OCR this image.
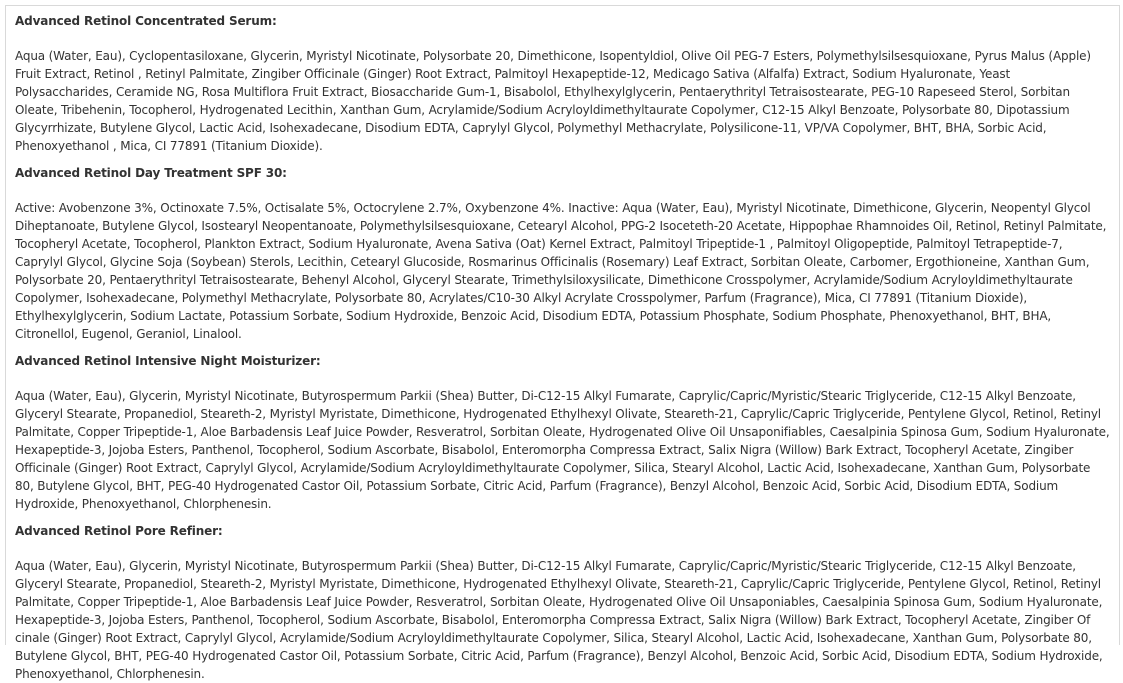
Advanced Retinol Concentrated Serum:

Aqua (Water, Eau), Cyclopentasiloxane, Glycerin, Myristyl Nicotinate, Polysorbate 20, Dimethicone, Isopentyldiol, Olive Oil PEG-7 Esters, Polymethylsilsesquioxane, Pyrus Malus (Apple) Fruit Extract, Retinol , Retinyl Palmitate, Zingiber Officinale (Ginger) Root Extract, Palmitoyl Hexapeptide-12, Medicago Sativa (Alfalfa) Extract, Sodium Hyaluronate, Yeast Polysaccharides, Ceramide NG, Rosa Multiflora Fruit Extract, Biosaccharide Gum-1, Bisabolol, Ethylhexylglycerin, Pentaerythrityl Tetraisostearate, PEG-10 Rapeseed Sterol, Sorbitan Oleate, Tribehenin, Tocopherol, Hydrogenated Lecithin, Xanthan Gum, Acrylamide/Sodium Acryloyldimethyltaurate Copolymer, C12-15 Alkyl Benzoate, Polysorbate 80, Dipotassium Glycyrrhizate, Butylene Glycol, Lactic Acid, Isohexadecane, Disodium EDTA, Caprylyl Glycol, Polymethyl Methacrylate, Polysilicone-11, VP/VA Copolymer, BHT, BHA, Sorbic Acid, Phenoxyethanol , Mica, CI 77891 (Titanium Dioxide).

Advanced Retinol Day Treatment SPF 30:

Active: Avobenzone 3%, Octinoxate 7.5%, Octisalate 5%, Octocrylene 2.7%, Oxybenzone 4%. Inactive: Aqua (Water, Eau), Myristyl Nicotinate, Dimethicone, Glycerin, Neopentyl Glycol Diheptanoate, Butylene Glycol, Isostearyl Neopentanoate, Polymethylsilsesquioxane, Cetearyl Alcohol, PPG-2 Isoceteth-20 Acetate, Hippophae Rhamnoides Oil, Retinol, Retinyl Palmitate, Tocopheryl Acetate, Tocopherol, Plankton Extract, Sodium Hyaluronate, Avena Sativa (Oat) Kernel Extract, Palmitoyl Tripeptide-1 , Palmitoyl Oligopeptide, Palmitoyl Tetrapeptide-7, Caprylyl Glycol, Glycine Soja (Soybean) Sterols, Lecithin, Cetearyl Glucoside, Rosmarinus Officinalis (Rosemary) Leaf Extract, Sorbitan Oleate, Carbomer, Ergothioneine, Xanthan Gum, Polysorbate 20, Pentaerythrityl Tetraisostearate, Behenyl Alcohol, Glyceryl Stearate, Trimethylsiloxysilicate, Dimethicone Crosspolymer, Acrylamide/Sodium Acryloyldimethyltaurate Copolymer, Isohexadecane, Polymethyl Methacrylate, Polysorbate 80, Acrylates/C10-30 Alkyl Acrylate Crosspolymer, Parfum (Fragrance), Mica, CI 77891 (Titanium Dioxide), Ethylhexylglycerin, Sodium Lactate, Potassium Sorbate, Sodium Hydroxide, Benzoic Acid, Disodium EDTA, Potassium Phosphate, Sodium Phosphate, Phenoxyethanol, BHT, BHA, Citronellol, Eugenol, Geraniol, Linalool.

Advanced Retinol Intensive Night Moisturizer:

Aqua (Water, Eau), Glycerin, Myristyl Nicotinate, Butyrospermum Parkii (Shea) Butter, Di-C12-15 Alkyl Fumarate, Caprylic/Capric/Myristic/Stearic Triglyceride, C12-15 Alkyl Benzoate, Glyceryl Stearate, Propanediol, Steareth-2, Myristyl Myristate, Dimethicone, Hydrogenated Ethylhexyl Olivate, Steareth-21, Caprylic/Capric Triglyceride, Pentylene Glycol, Retinol, Retinyl Palmitate, Copper Tripeptide-1, Aloe Barbadensis Leaf Juice Powder, Resveratrol, Sorbitan Oleate, Hydrogenated Olive Oil Unsaponifiables, Caesalpinia Spinosa Gum, Sodium Hyaluronate, Hexapeptide-3, Jojoba Esters, Panthenol, Tocopherol, Sodium Ascorbate, Bisabolol, Enteromorpha Compressa Extract, Salix Nigra (Willow) Bark Extract, Tocopheryl Acetate, Zingiber Officinale (Ginger) Root Extract, Caprylyl Glycol, Acrylamide/Sodium Acryloyldimethyltaurate Copolymer, Silica, Stearyl Alcohol, Lactic Acid, Isohexadecane, Xanthan Gum, Polysorbate 80, Butylene Glycol, BHT, PEG-40 Hydrogenated Castor Oil, Potassium Sorbate, Citric Acid, Parfum (Fragrance), Benzyl Alcohol, Benzoic Acid, Sorbic Acid, Disodium EDTA, Sodium Hydroxide, Phenoxyethanol, Chlorphenesin.

Advanced Retinol Pore Refiner:

Aqua (Water, Eau), Glycerin, Myristyl Nicotinate, Butyrospermum Parkii (Shea) Butter, Di-C12-15 Alkyl Fumarate, Caprylic/Capric/Myristic/Stearic Triglyceride, C12-15 Alkyl Benzoate, Glyceryl Stearate, Propanediol, Steareth-2, Myristyl Myristate, Dimethicone, Hydrogenated Ethylhexyl Olivate, Steareth-21, Caprylic/Capric Triglyceride, Pentylene Glycol, Retinol, Retinyl Palmitate, Copper Tripeptide-1, Aloe Barbadensis Leaf Juice Powder, Resveratrol, Sorbitan Oleate, Hydrogenated Olive Oil Unsaponiables, Caesalpinia Spinosa Gum, Sodium Hyaluronate, Hexapeptide-3, Jojoba Esters, Panthenol, Tocopherol, Sodium Ascorbate, Bisabolol, Enteromorpha Compressa Extract, Salix Nigra (Willow) Bark Extract, Tocopheryl Acetate, Zingiber Of cinale (Ginger) Root Extract, Caprylyl Glycol, Acrylamide/Sodium Acryloyldimethyltaurate Copolymer, Silica, Stearyl Alcohol, Lactic Acid, Isohexadecane, Xanthan Gum, Polysorbate 80, Butylene Glycol, BHT, PEG-40 Hydrogenated Castor Oil, Potassium Sorbate, Citric Acid, Parfum (Fragrance), Benzyl Alcohol, Benzoic Acid, Sorbic Acid, Disodium EDTA, Sodium Hydroxide, Phenoxyethanol, Chlorphenesin.
